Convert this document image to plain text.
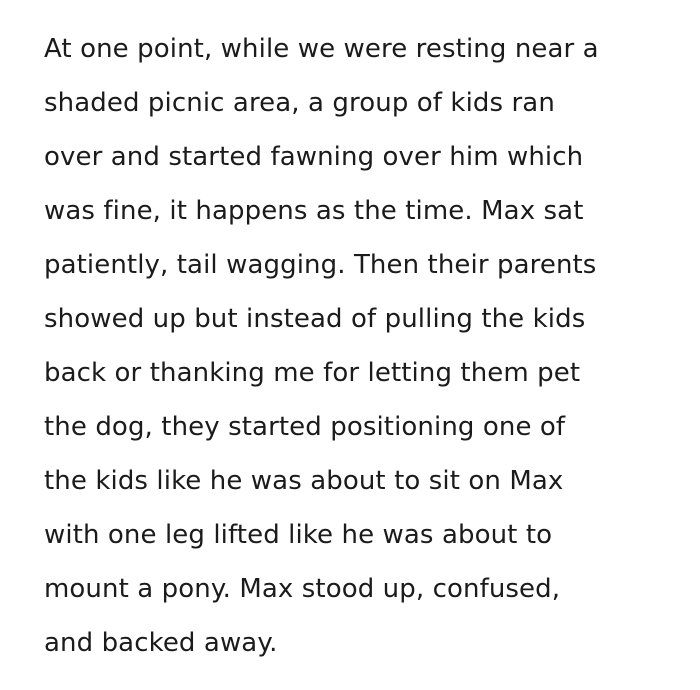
At one point, while we were resting near a
shaded picnic area, a group of kids ran
over and started fawning over him which
was fine, it happens as the time. Max sat
patiently, tail wagging. Then their parents
showed up but instead of pulling the kids
back or thanking me for letting them pet
the dog, they started positioning one of
the kids like he was about to sit on Max
with one leg lifted like he was about to
mount a pony. Max stood up, confused,
and backed away.
